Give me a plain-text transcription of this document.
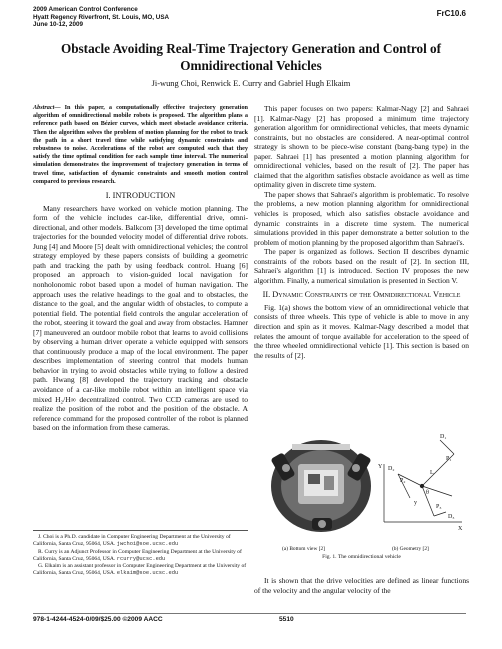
2009 American Control Conference
Hyatt Regency Riverfront, St. Louis, MO, USA
June 10-12, 2009
FrC10.6
Obstacle Avoiding Real-Time Trajectory Generation and Control of Omnidirectional Vehicles
Ji-wung Choi, Renwick E. Curry and Gabriel Hugh Elkaim
Abstract— In this paper, a computationally effective trajectory generation algorithm of omnidirectional mobile robots is proposed. The algorithm plans a reference path based on Bézier curves, which meet obstacle avoidance criteria. Then the algorithm solves the problem of motion planning for the robot to track the path in a short travel time while satisfying dynamic constraints and robustness to noise. Accelerations of the robot are computed such that they satisfy the time optimal condition for each sample time interval. The numerical simulation demonstrates the improvement of trajectory generation in terms of travel time, satisfaction of dynamic constraints and smooth motion control compared to previous research.
I. INTRODUCTION

Many researchers have worked on vehicle motion planning. The form of the vehicle includes car-like, differential drive, omni-directional, and other models. Balkcom [3] developed the time optimal trajectories for the bounded velocity model of differential drive robots. Jung [4] and Moore [5] dealt with omnidirectional vehicles; the control strategy employed by these papers consists of building a geometric path and tracking the path by using feedback control. Huang [6] proposed an approach to vision-guided local navigation for nonholonomic robot based upon a model of human navigation. The approach uses the relative headings to the goal and to obstacles, the distance to the goal, and the angular width of obstacles, to compute a potential field. The potential field controls the angular acceleration of the robot, steering it toward the goal and away from obstacles. Hamner [7] maneuvered an outdoor mobile robot that learns to avoid collisions by observing a human driver operate a vehicle equipped with sensors that continuously produce a map of the local environment. The paper describes implementation of steering control that models human behavior in trying to avoid obstacles while trying to follow a desired path. Hwang [8] developed the trajectory tracking and obstacle avoidance of a car-like mobile robot within an intelligent space via mixed H₂/H∞ decentralized control. Two CCD cameras are used to realize the position of the robot and the position of the obstacle. A reference command for the proposed controller of the robot is planned based on the information from these cameras.

J. Choi is a Ph.D. candidate in Computer Engineering Department at the University of California, Santa Cruz, 95064, USA. jwchoi@soe.ucsc.edu
R. Curry is an Adjunct Professor in Computer Engineering Department at the University of California, Santa Cruz, 95064, USA. rcurry@ucsc.edu
G. Elkaim is an assistant professor in Computer Engineering Department at the University of California, Santa Cruz, 95064, USA. elkaim@soe.ucsc.edu

This paper focuses on two papers: Kalmar-Nagy [2] and Sahraei [1]. Kalmar-Nagy [2] has proposed a minimum time trajectory generation algorithm for omnidirectional vehicles, that meets dynamic constraints, but no obstacles are considered. A near-optimal control strategy is shown to be piece-wise constant (bang-bang type) in the paper. Sahraei [1] has presented a motion planning algorithm for omnidirectional vehicles, based on the result of [2]. The paper has claimed that the algorithm satisfies obstacle avoidance as well as time optimality given in discrete time system.

The paper shows that Sahraei's algorithm is problematic. To resolve the problems, a new motion planning algorithm for omnidirectional vehicles is proposed, which also satisfies obstacle avoidance and dynamic constraints in a discrete time system. The numerical simulations provided in this paper demonstrate a better solution to the problem of motion planning by the proposed algorithm than Sahraei's.

The paper is organized as follows. Section II describes dynamic constraints of the robots based on the result of [2]. In section III, Sahraei's algorithm [1] is introduced. Section IV proposes the new algorithm. Finally, a numerical simulation is presented in Section V.

II. Dynamic Constraints of the Omnidirectional Vehicle

Fig. 1(a) shows the bottom view of an omnidirectional vehicle that consists of three wheels. This type of vehicle is able to move in any direction and spin as it moves. Kalmar-Nagy described a model that relates the amount of torque available for acceleration to the speed of the three wheeled omnidirectional vehicle [1]. This section is based on the results of [2].

D₁
D₂
D₃
P₁
P₂
P₃
L
θ
Y
X
y
(a) Bottom view [2]	(b) Geometry [2]
Fig. 1. The omnidirectional vehicle

It is shown that the drive velocities are defined as linear functions of the velocity and the angular velocity of the

978-1-4244-4524-0/09/$25.00 ©2009 AACC	5510
